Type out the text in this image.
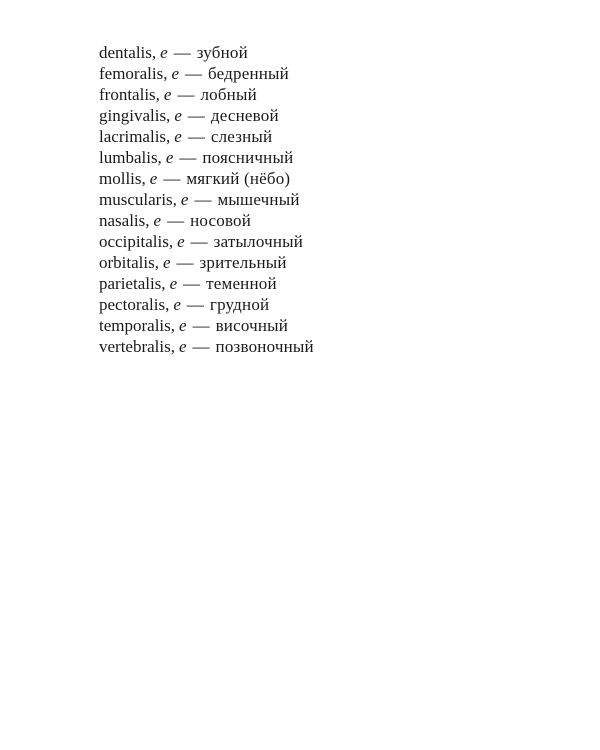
dentalis, e — зубной
femoralis, e — бедренный
frontalis, e — лобный
gingivalis, e — десневой
lacrimalis, e — слезный
lumbalis, e — поясничный
mollis, e — мягкий (нёбо)
muscularis, e — мышечный
nasalis, e — носовой
occipitalis, e — затылочный
orbitalis, e — зрительный
parietalis, e — теменной
pectoralis, e — грудной
temporalis, e — височный
vertebralis, e — позвоночный
